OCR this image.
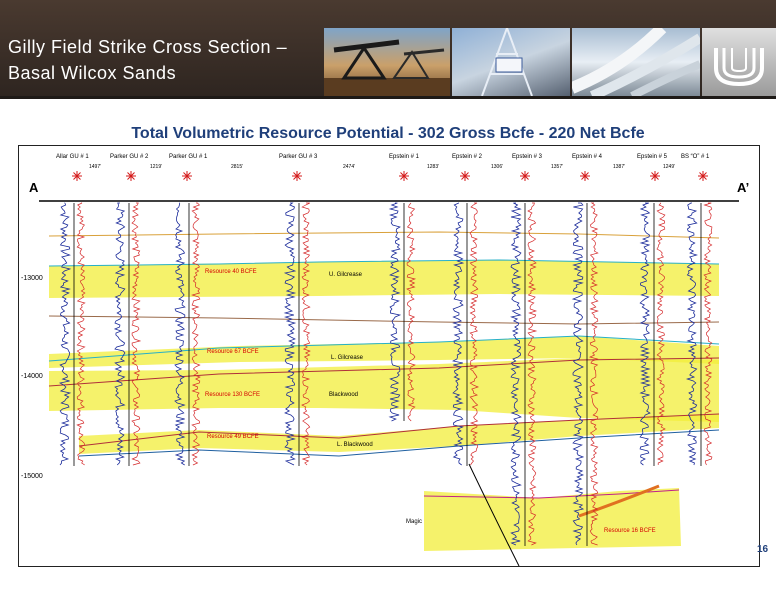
Gilly Field Strike Cross Section –
Basal Wilcox Sands
Total Volumetric Resource Potential - 302 Gross Bcfe - 220 Net Bcfe
A	A’
-13000
-14000
-15000
Allar GU # 1	Parker GU # 2	Parker GU # 1	Parker GU # 3	Epstein # 1	Epstein # 2	Epstein # 3	Epstein # 4	Epstein # 5 BS “O” # 1
1497’	1219’	2815’	2474’	1283’	1306’	1357’	1387’	1249’
U. Gilcrease
L. Gilcrease
Blackwood
L. Blackwood
Magic
Resource 40 BCFE
Resource 67 BCFE
Resource 130 BCFE
Resource 49 BCFE
Resource 16 BCFE
16
